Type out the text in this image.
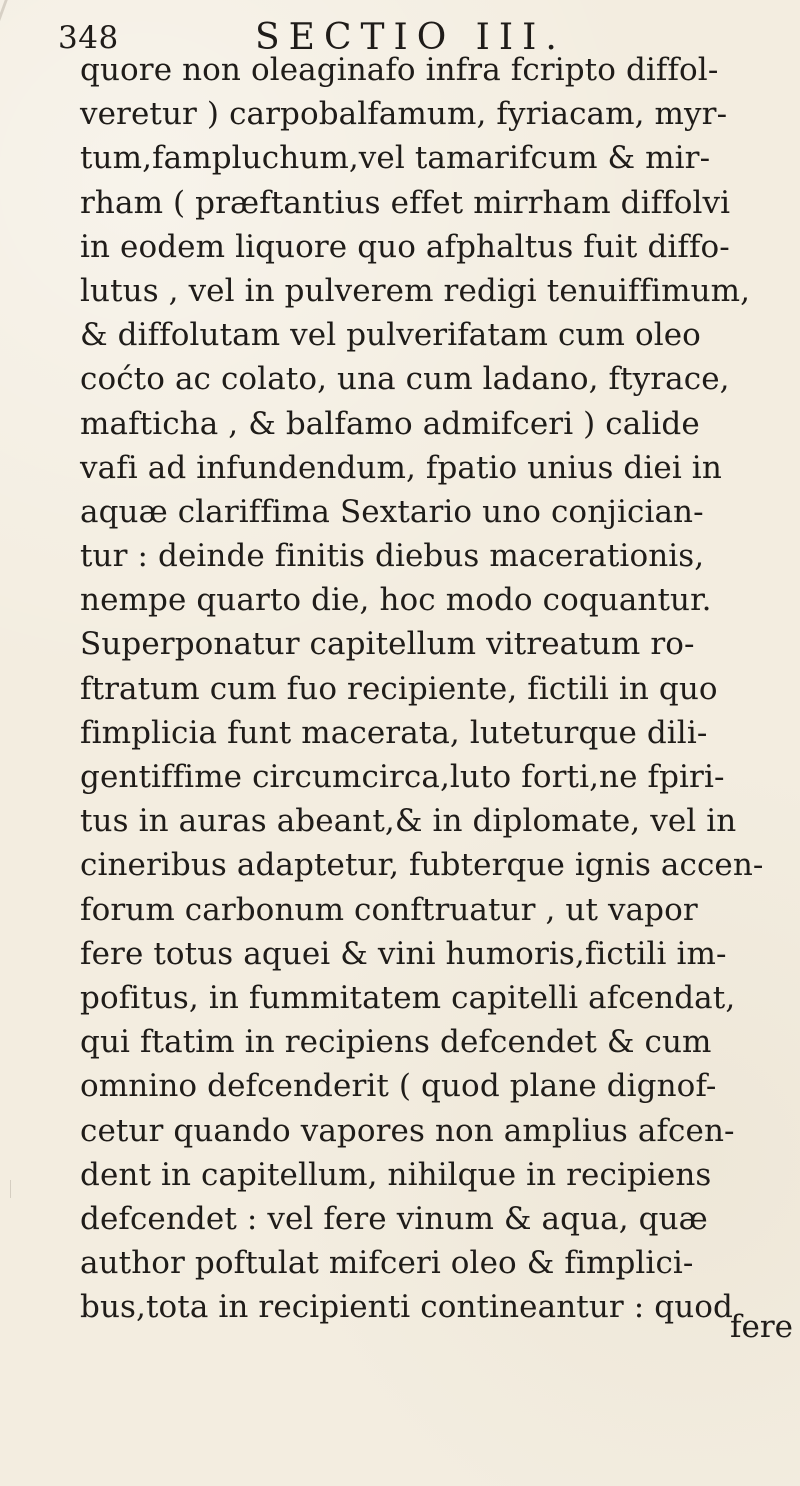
348	SECTIO III.
quore non oleaginafo infra fcripto diffol-
veretur ) carpobalfamum, fyriacam, myr-
tum,fampluchum,vel tamarifcum & mir-
rham ( præftantius effet mirrham diffolvi
in eodem liquore quo afphaltus fuit diffo-
lutus , vel in pulverem redigi tenuiffimum,
& diffolutam vel pulverifatam cum oleo
coćto ac colato, una cum ladano, ftyrace,
mafticha , & balfamo admifceri ) calide
vafi ad infundendum, fpatio unius diei in
aquæ clariffima Sextario uno conjician-
tur : deinde finitis diebus macerationis,
nempe quarto die, hoc modo coquantur.
Superponatur capitellum vitreatum ro-
ftratum cum fuo recipiente, fictili in quo
fimplicia funt macerata, luteturque dili-
gentiffime circumcirca,luto forti,ne fpiri-
tus in auras abeant,& in diplomate, vel in
cineribus adaptetur, fubterque ignis accen-
forum carbonum conftruatur , ut vapor
fere totus aquei & vini humoris,fictili im-
pofitus, in fummitatem capitelli afcendat,
qui ftatim in recipiens defcendet & cum
omnino defcenderit ( quod plane dignof-
cetur quando vapores non amplius afcen-
dent in capitellum, nihilque in recipiens
defcendet : vel fere vinum & aqua, quæ
author poftulat mifceri oleo & fimplici-
bus,tota in recipienti contineantur : quod
fere
